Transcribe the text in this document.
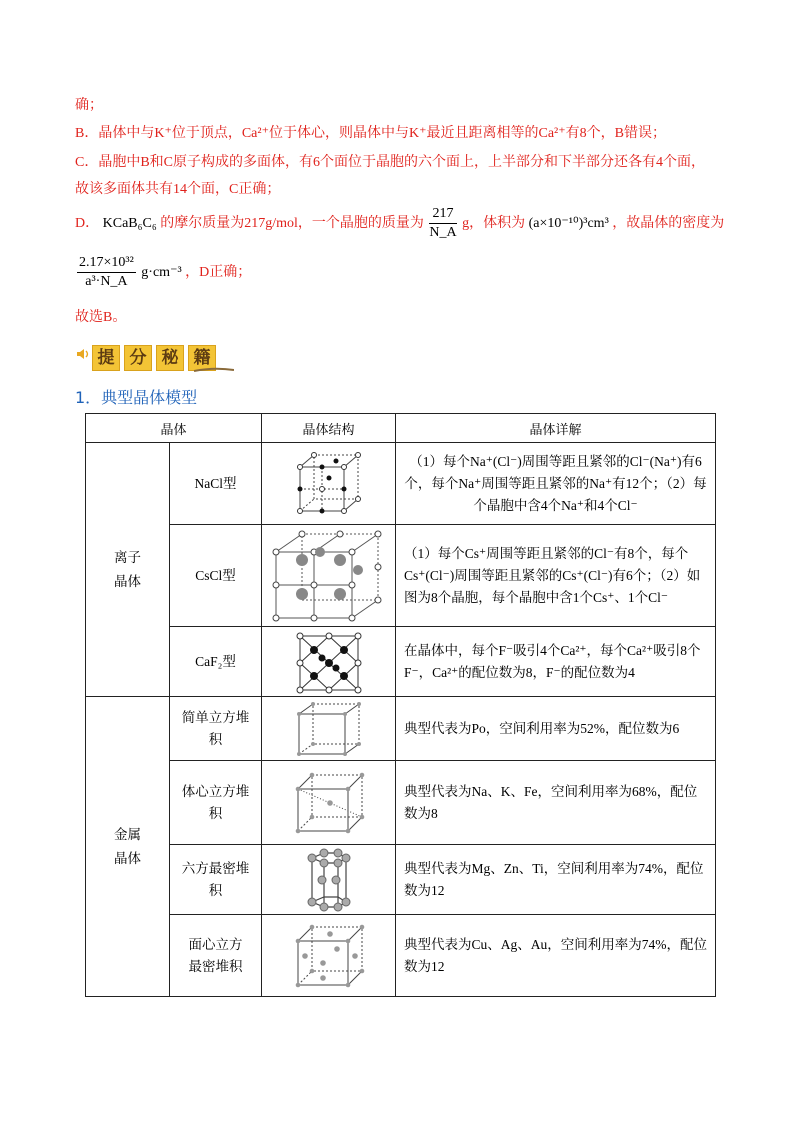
确；
B．晶体中与K⁺位于顶点，Ca²⁺位于体心，则晶体中与K⁺最近且距离相等的Ca²⁺有8个，B错误；
C．晶胞中B和C原子构成的多面体，有6个面位于晶胞的六个面上，上半部分和下半部分还各有4个面，
故该多面体共有14个面，C正确；
D． KCaB₆C₆ 的摩尔质量为217g/mol，一个晶胞的质量为 $\frac{217}{N\_A}$ g，体积为 (a×10⁻¹⁰)³cm³ ，故晶体的密度为
$\frac{\text{2.17×10³²}}{\text{a³·N\_A}} g\cdot cm^{-3}$ ，D正确；
故选B。
提 分 秘 籍
1．典型晶体模型
晶体		晶体结构	晶体详解
离子晶体	NaCl型		（1）每个Na⁺(Cl⁻)周围等距且紧邻的Cl⁻(Na⁺)有6个，每个Na⁺周围等距且紧邻的Na⁺有12个；（2）每个晶胞中含4个Na⁺和4个Cl⁻
	CsCl型		（1）每个Cs⁺周围等距且紧邻的Cl⁻有8个，每个Cs⁺(Cl⁻)周围等距且紧邻的Cs⁺(Cl⁻)有6个；（2）如图为8个晶胞，每个晶胞中含1个Cs⁺、1个Cl⁻
	CaF₂型		在晶体中，每个F⁻吸引4个Ca²⁺，每个Ca²⁺吸引8个F⁻，Ca²⁺的配位数为8，F⁻的配位数为4
金属晶体	简单立方堆积		典型代表为Po，空间利用率为52%，配位数为6
	体心立方堆积		典型代表为Na、K、Fe，空间利用率为68%，配位数为8
	六方最密堆积		典型代表为Mg、Zn、Ti，空间利用率为74%，配位数为12
	面心立方最密堆积		典型代表为Cu、Ag、Au，空间利用率为74%，配位数为12
